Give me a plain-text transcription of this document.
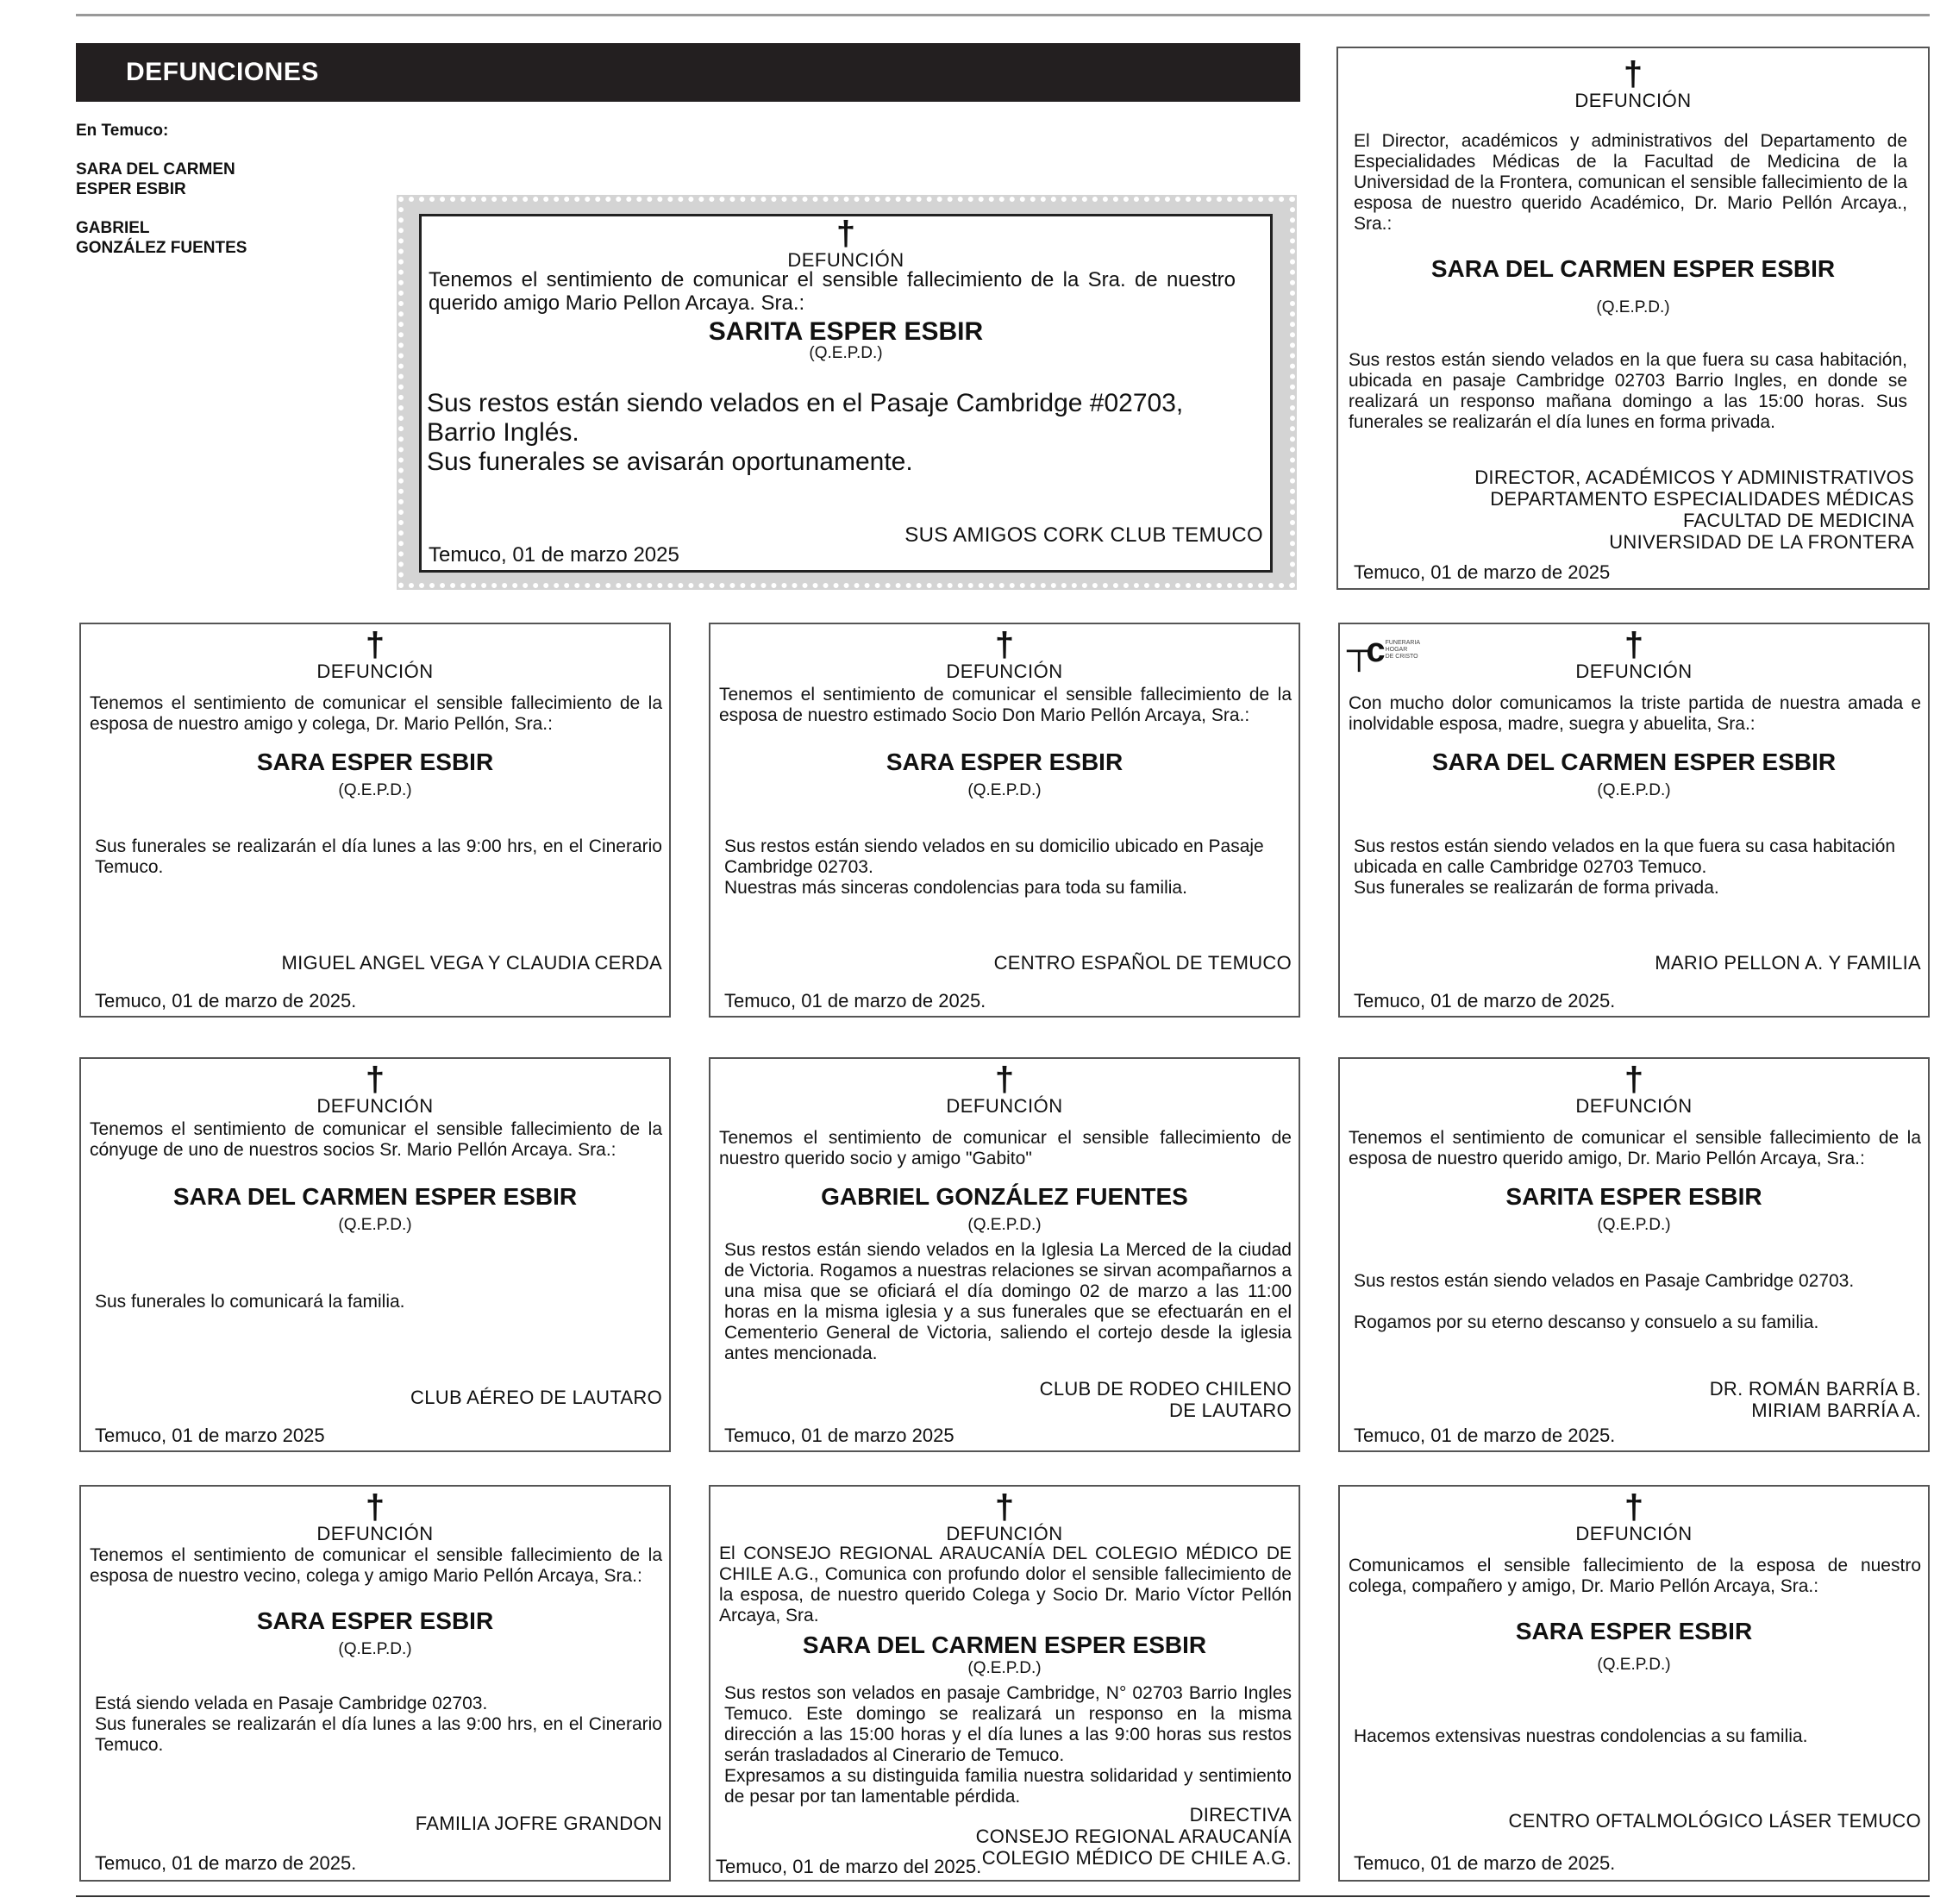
DEFUNCIONES
En Temuco:
SARA DEL CARMEN
ESPER ESBIR
GABRIEL
GONZÁLEZ FUENTES	†
DEFUNCIÓN
Tenemos el sentimiento de comunicar el sensible fallecimiento de la Sra. de nuestro querido amigo Mario Pellon Arcaya. Sra.:
SARITA ESPER ESBIR
(Q.E.P.D.)
Sus restos están siendo velados en el Pasaje Cambridge #02703, Barrio Inglés.
Sus funerales se avisarán oportunamente.
SUS AMIGOS CORK CLUB TEMUCO
Temuco, 01 de marzo 2025
†
DEFUNCIÓN
El Director, académicos y administrativos del Departamento de Especialidades Médicas de la Facultad de Medicina de la Universidad de la Frontera, comunican el sensible fallecimiento de la esposa de nuestro querido Académico, Dr. Mario Pellón Arcaya., Sra.:
SARA DEL CARMEN ESPER ESBIR
(Q.E.P.D.)
Sus restos están siendo velados en la que fuera su casa habitación, ubicada en pasaje Cambridge 02703 Barrio Ingles, en donde se realizará un responso mañana domingo a las 15:00 horas. Sus funerales se realizarán el día lunes en forma privada.
DIRECTOR, ACADÉMICOS Y ADMINISTRATIVOS
DEPARTAMENTO ESPECIALIDADES MÉDICAS
FACULTAD DE MEDICINA
UNIVERSIDAD DE LA FRONTERA
Temuco, 01 de marzo de 2025
†
DEFUNCIÓN
Tenemos el sentimiento de comunicar el sensible fallecimiento de la esposa de nuestro amigo y colega, Dr. Mario Pellón, Sra.:
SARA ESPER ESBIR
(Q.E.P.D.)
Sus funerales se realizarán el día lunes a las 9:00 hrs, en el Cinerario Temuco.
MIGUEL ANGEL VEGA Y CLAUDIA CERDA
Temuco, 01 de marzo de 2025.
†
DEFUNCIÓN
Tenemos el sentimiento de comunicar el sensible fallecimiento de la esposa de nuestro estimado Socio Don Mario Pellón Arcaya, Sra.:
SARA ESPER ESBIR
(Q.E.P.D.)
Sus restos están siendo velados en su domicilio ubicado en Pasaje Cambridge 02703.
Nuestras más sinceras condolencias para toda su familia.
CENTRO ESPAÑOL DE TEMUCO
Temuco, 01 de marzo de 2025.
┬c FUNERARIA
HOGAR
DE CRISTO	†
DEFUNCIÓN
Con mucho dolor comunicamos la triste partida de nuestra amada e inolvidable esposa, madre, suegra y abuelita, Sra.:
SARA DEL CARMEN ESPER ESBIR
(Q.E.P.D.)
Sus restos están siendo velados en la que fuera su casa habitación ubicada en calle Cambridge 02703 Temuco.
Sus funerales se realizarán de forma privada.
MARIO PELLON A. Y FAMILIA
Temuco, 01 de marzo de 2025.
†
DEFUNCIÓN
Tenemos el sentimiento de comunicar el sensible fallecimiento de la cónyuge de uno de nuestros socios Sr. Mario Pellón Arcaya. Sra.:
SARA DEL CARMEN ESPER ESBIR
(Q.E.P.D.)
Sus funerales lo comunicará la familia.
CLUB AÉREO DE LAUTARO
Temuco, 01 de marzo 2025
†
DEFUNCIÓN
Tenemos el sentimiento de comunicar el sensible fallecimiento de nuestro querido socio y amigo "Gabito"
GABRIEL GONZÁLEZ FUENTES
(Q.E.P.D.)
Sus restos están siendo velados en la Iglesia La Merced de la ciudad de Victoria. Rogamos a nuestras relaciones se sirvan acompañarnos a una misa que se oficiará el día domingo 02 de marzo a las 11:00 horas en la misma iglesia y a sus funerales que se efectuarán en el Cementerio General de Victoria, saliendo el cortejo desde la iglesia antes mencionada.
CLUB DE RODEO CHILENO
DE LAUTARO
Temuco, 01 de marzo 2025
†
DEFUNCIÓN
Tenemos el sentimiento de comunicar el sensible fallecimiento de la esposa de nuestro querido amigo, Dr. Mario Pellón Arcaya, Sra.:
SARITA ESPER ESBIR
(Q.E.P.D.)
Sus restos están siendo velados en Pasaje Cambridge 02703.

Rogamos por su eterno descanso y consuelo a su familia.
DR. ROMÁN BARRÍA B.
MIRIAM BARRÍA A.
Temuco, 01 de marzo de 2025.
†
DEFUNCIÓN
Tenemos el sentimiento de comunicar el sensible fallecimiento de la esposa de nuestro vecino, colega y amigo Mario Pellón Arcaya, Sra.:
SARA ESPER ESBIR
(Q.E.P.D.)
Está siendo velada en Pasaje Cambridge 02703.
Sus funerales se realizarán el día lunes a las 9:00 hrs, en el Cinerario Temuco.
FAMILIA JOFRE GRANDON
Temuco, 01 de marzo de 2025.
†
DEFUNCIÓN
El CONSEJO REGIONAL ARAUCANÍA DEL COLEGIO MÉDICO DE CHILE A.G., Comunica con profundo dolor el sensible fallecimiento de la esposa, de nuestro querido Colega y Socio Dr. Mario Víctor Pellón Arcaya, Sra.
SARA DEL CARMEN ESPER ESBIR
(Q.E.P.D.)
Sus restos son velados en pasaje Cambridge, N° 02703 Barrio Ingles Temuco. Este domingo se realizará un responso en la misma dirección a las 15:00 horas y el día lunes a las 9:00 horas sus restos serán trasladados al Cinerario de Temuco.
Expresamos a su distinguida familia nuestra solidaridad y sentimiento de pesar por tan lamentable pérdida.
DIRECTIVA
CONSEJO REGIONAL ARAUCANÍA
COLEGIO MÉDICO DE CHILE A.G.
Temuco, 01 de marzo del 2025.
†
DEFUNCIÓN
Comunicamos el sensible fallecimiento de la esposa de nuestro colega, compañero y amigo, Dr. Mario Pellón Arcaya, Sra.:
SARA ESPER ESBIR
(Q.E.P.D.)
Hacemos extensivas nuestras condolencias a su familia.
CENTRO OFTALMOLÓGICO LÁSER TEMUCO
Temuco, 01 de marzo de 2025.
